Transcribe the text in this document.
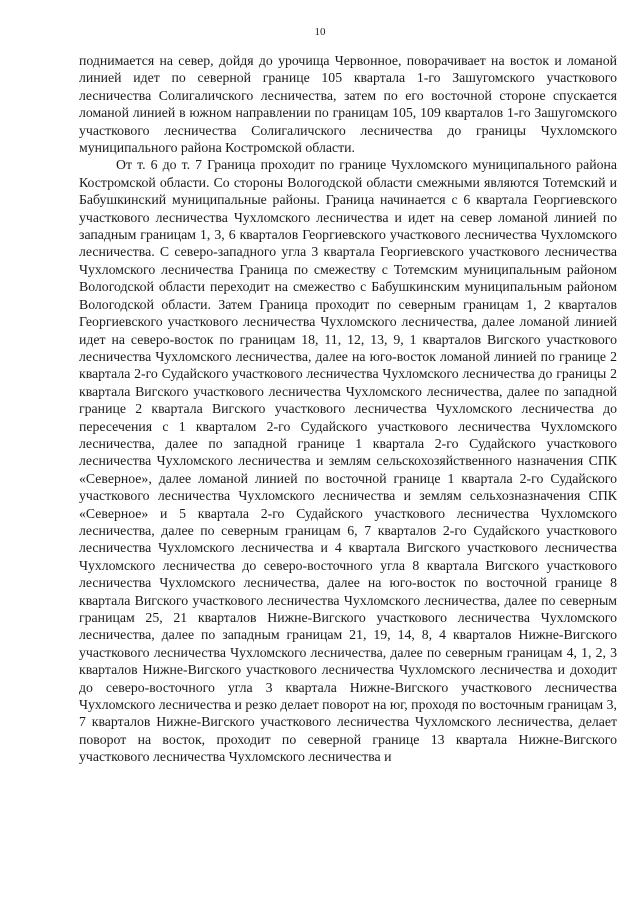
10

поднимается на север, дойдя до урочища Червонное, поворачивает на восток и ломаной линией идет по северной границе 105 квартала 1-го Зашугомского участкового лесничества Солигаличского лесничества, затем по его восточной стороне спускается ломаной линией в южном направлении по границам 105, 109 кварталов 1-го Зашугомского участкового лесничества Солигаличского лесничества до границы Чухломского муниципального района Костромской области.

От т. 6 до т. 7 Граница проходит по границе Чухломского муниципального района Костромской области. Со стороны Вологодской области смежными являются Тотемский и Бабушкинский муниципальные районы. Граница начинается с 6 квартала Георгиевского участкового лесничества Чухломского лесничества и идет на север ломаной линией по западным границам 1, 3, 6 кварталов Георгиевского участкового лесничества Чухломского лесничества. С северо-западного угла 3 квартала Георгиевского участкового лесничества Чухломского лесничества Граница по смежеству с Тотемским муниципальным районом Вологодской области переходит на смежество с Бабушкинским муниципальным районом Вологодской области. Затем Граница проходит по северным границам 1, 2 кварталов Георгиевского участкового лесничества Чухломского лесничества, далее ломаной линией идет на северо-восток по границам 18, 11, 12, 13, 9, 1 кварталов Вигского участкового лесничества Чухломского лесничества, далее на юго-восток ломаной линией по границе 2 квартала 2-го Судайского участкового лесничества Чухломского лесничества до границы 2 квартала Вигского участкового лесничества Чухломского лесничества, далее по западной границе 2 квартала Вигского участкового лесничества Чухломского лесничества до пересечения с 1 кварталом 2-го Судайского участкового лесничества Чухломского лесничества, далее по западной границе 1 квартала 2-го Судайского участкового лесничества Чухломского лесничества и землям сельскохозяйственного назначения СПК «Северное», далее ломаной линией по восточной границе 1 квартала 2-го Судайского участкового лесничества Чухломского лесничества и землям сельхозназначения СПК «Северное» и 5 квартала 2-го Судайского участкового лесничества Чухломского лесничества, далее по северным границам 6, 7 кварталов 2-го Судайского участкового лесничества Чухломского лесничества и 4 квартала Вигского участкового лесничества Чухломского лесничества до северо-восточного угла 8 квартала Вигского участкового лесничества Чухломского лесничества, далее на юго-восток по восточной границе 8 квартала Вигского участкового лесничества Чухломского лесничества, далее по северным границам 25, 21 кварталов Нижне-Вигского участкового лесничества Чухломского лесничества, далее по западным границам 21, 19, 14, 8, 4 кварталов Нижне-Вигского участкового лесничества Чухломского лесничества, далее по северным границам 4, 1, 2, 3 кварталов Нижне-Вигского участкового лесничества Чухломского лесничества и доходит до северо-восточного угла 3 квартала Нижне-Вигского участкового лесничества Чухломского лесничества и резко делает поворот на юг, проходя по восточным границам 3, 7 кварталов Нижне-Вигского участкового лесничества Чухломского лесничества, делает поворот на восток, проходит по северной границе 13 квартала Нижне-Вигского участкового лесничества Чухломского лесничества и
